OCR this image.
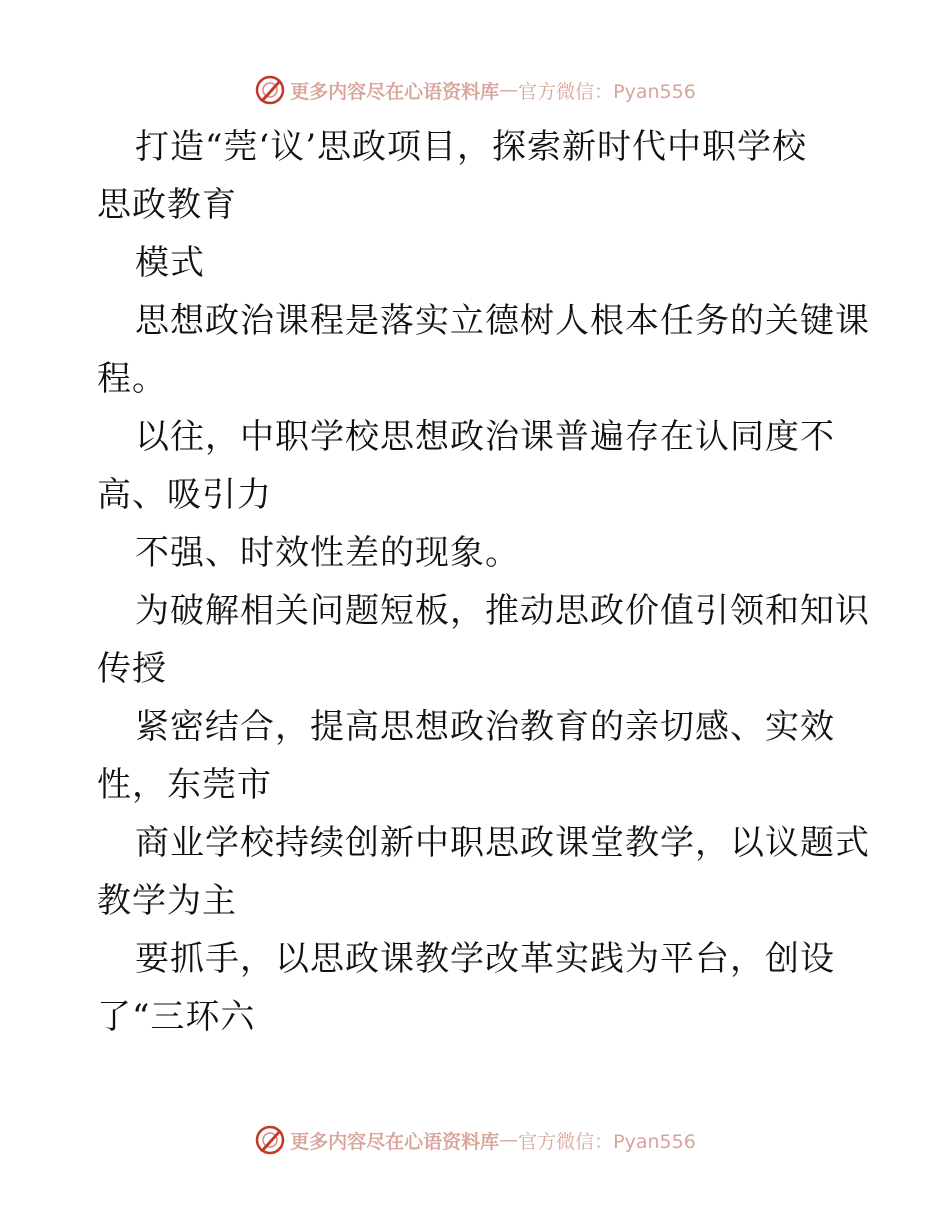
更多内容尽在心语资料库 — 官方微信：Pyan556
打造“莞‘议’思政项目，探索新时代中职学校
思政教育
模式
思想政治课程是落实立德树人根本任务的关键课
程。
以往，中职学校思想政治课普遍存在认同度不
高、吸引力
不强、时效性差的现象。
为破解相关问题短板，推动思政价值引领和知识
传授
紧密结合，提高思想政治教育的亲切感、实效
性，东莞市
商业学校持续创新中职思政课堂教学，以议题式
教学为主
要抓手，以思政课教学改革实践为平台，创设
了“三环六
更多内容尽在心语资料库 — 官方微信：Pyan556
